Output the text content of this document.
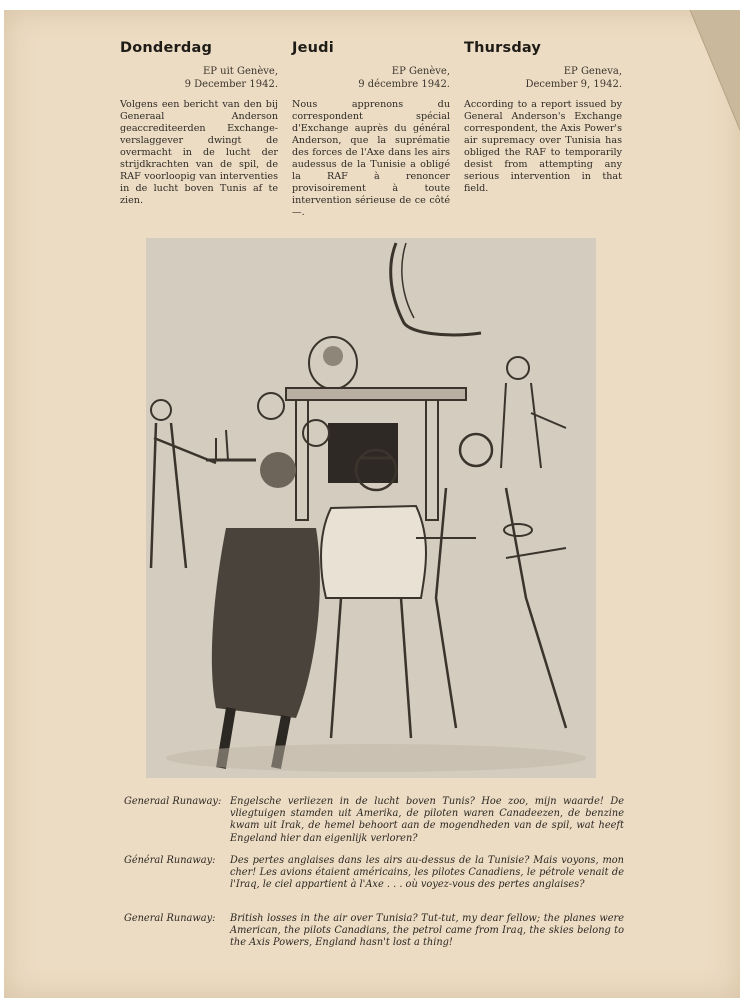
Donderdag
EP uit Genève,
9 December 1942.
Volgens een bericht van den bij Generaal Anderson geaccrediteerden Exchange-verslaggever dwingt de overmacht in de lucht der strijdkrachten van de spil, de RAF voorloopig van interventies in de lucht boven Tunis af te zien.
Jeudi
EP Genève,
9 décembre 1942.
Nous apprenons du correspondent spécial d'Exchange auprès du général Anderson, que la suprématie des forces de l'Axe dans les airs audessus de la Tunisie a obligé la RAF à renoncer provisoirement à toute intervention sérieuse de ce côté —.
Thursday
EP Geneva,
December 9, 1942.
According to a report issued by General Anderson's Exchange correspondent, the Axis Power's air supremacy over Tunisia has obliged the RAF to temporarily desist from attempting any serious intervention in that field.
Generaal Runaway: Engelsche verliezen in de lucht boven Tunis? Hoe zoo, mijn waarde! De vliegtuigen stamden uit Amerika, de piloten waren Canadeezen, de benzine kwam uit Irak, de hemel behoort aan de mogendheden van de spil, wat heeft Engeland hier dan eigenlijk verloren?
Général Runaway:	Des pertes anglaises dans les airs au-dessus de la Tunisie? Mais voyons, mon cher! Les avions étaient américains, les pilotes Canadiens, le pétrole venait de l'Iraq, le ciel appartient à l'Axe . . . où voyez-vous des pertes anglaises?
General Runaway:	British losses in the air over Tunisia? Tut-tut, my dear fellow; the planes were American, the pilots Canadians, the petrol came from Iraq, the skies belong to the Axis Powers, England hasn't lost a thing!
